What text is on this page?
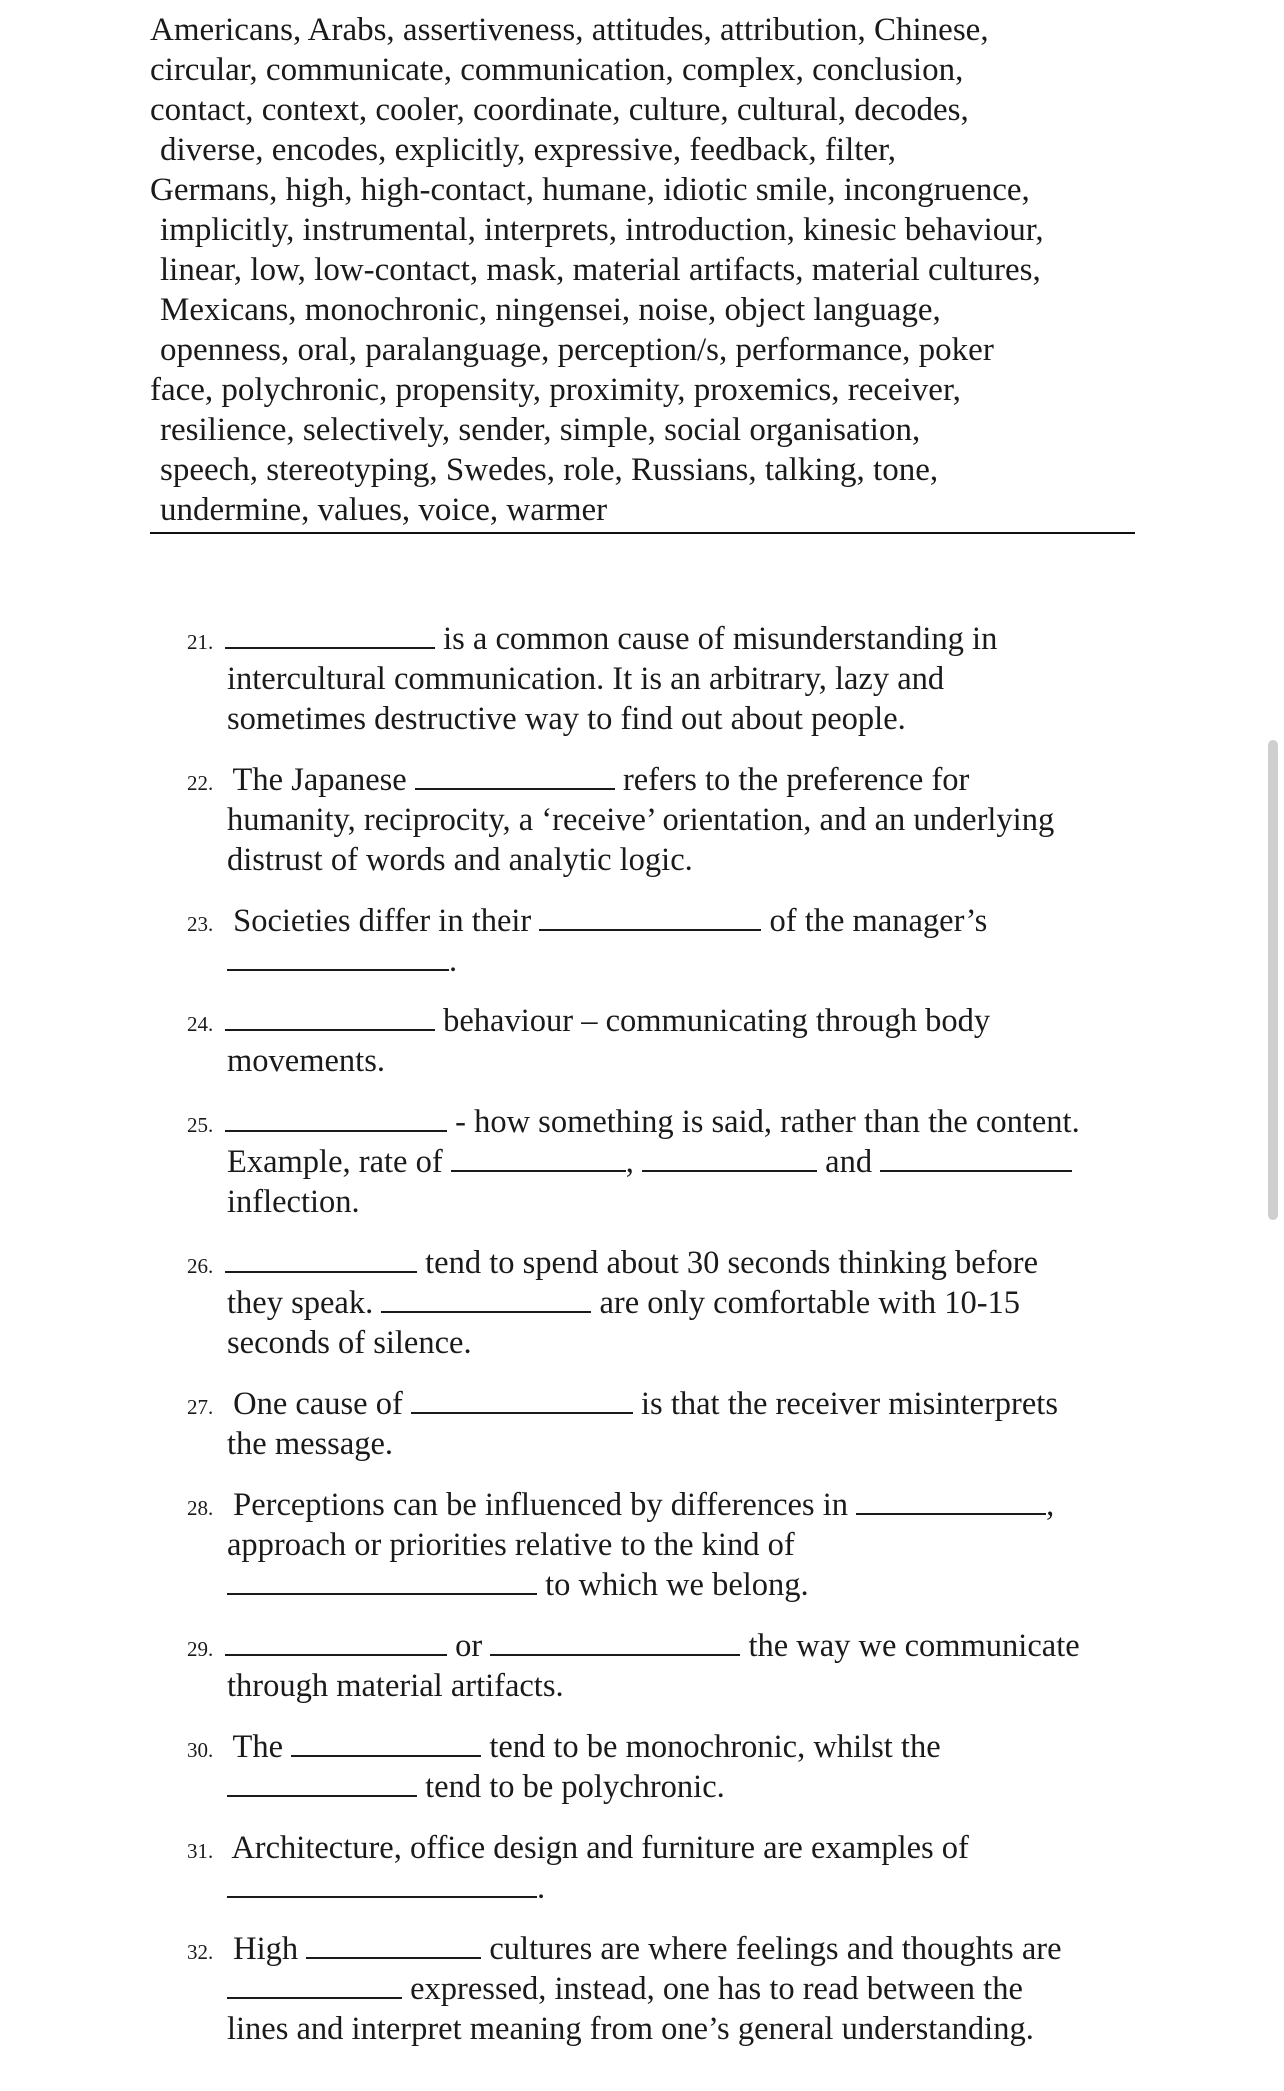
Americans, Arabs, assertiveness, attitudes, attribution, Chinese,
circular, communicate, communication, complex, conclusion,
contact, context, cooler, coordinate, culture, cultural, decodes,
diverse, encodes, explicitly, expressive, feedback, filter,
Germans, high, high-contact, humane, idiotic smile, incongruence,
implicitly, instrumental, interprets, introduction, kinesic behaviour,
linear, low, low-contact, mask, material artifacts, material cultures,
Mexicans, monochronic, ningensei, noise, object language,
openness, oral, paralanguage, perception/s, performance, poker
face, polychronic, propensity, proximity, proxemics, receiver,
resilience, selectively, sender, simple, social organisation,
speech, stereotyping, Swedes, role, Russians, talking, tone,
undermine, values, voice, warmer
21.	is a common cause of misunderstanding in
intercultural communication. It is an arbitrary, lazy and
sometimes destructive way to find out about people.
22. The Japanese	refers to the preference for
humanity, reciprocity, a ‘receive’ orientation, and an underlying
distrust of words and analytic logic.
23. Societies differ in their	of the manager’s
.
24.	behaviour – communicating through body
movements.
25.	- how something is said, rather than the content.
Example, rate of	,	and
inflection.
26.	tend to spend about 30 seconds thinking before
they speak.	are only comfortable with 10-15
seconds of silence.
27. One cause of	is that the receiver misinterprets
the message.
28. Perceptions can be influenced by differences in	,
approach or priorities relative to the kind of
to which we belong.
29.	or	the way we communicate
through material artifacts.
30. The	tend to be monochronic, whilst the
tend to be polychronic.
31. Architecture, office design and furniture are examples of
.
32. High	cultures are where feelings and thoughts are
expressed, instead, one has to read between the
lines and interpret meaning from one’s general understanding.
